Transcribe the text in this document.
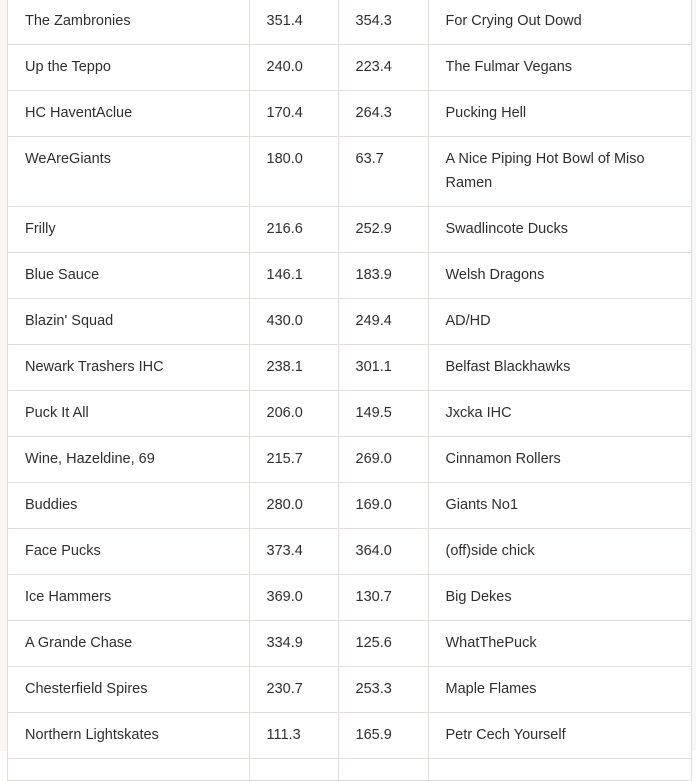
The Zambronies	351.4	354.3	For Crying Out Dowd
Up the Teppo	240.0	223.4	The Fulmar Vegans
HC HaventAclue	170.4	264.3	Pucking Hell
WeAreGiants	180.0	63.7	A Nice Piping Hot Bowl of Miso Ramen
Frilly	216.6	252.9	Swadlincote Ducks
Blue Sauce	146.1	183.9	Welsh Dragons
Blazin' Squad	430.0	249.4	AD/HD
Newark Trashers IHC	238.1	301.1	Belfast Blackhawks
Puck It All	206.0	149.5	Jxcka IHC
Wine, Hazeldine, 69	215.7	269.0	Cinnamon Rollers
Buddies	280.0	169.0	Giants No1
Face Pucks	373.4	364.0	(off)side chick
Ice Hammers	369.0	130.7	Big Dekes
A Grande Chase	334.9	125.6	WhatThePuck
Chesterfield Spires	230.7	253.3	Maple Flames
Northern Lightskates	111.3	165.9	Petr Cech Yourself
